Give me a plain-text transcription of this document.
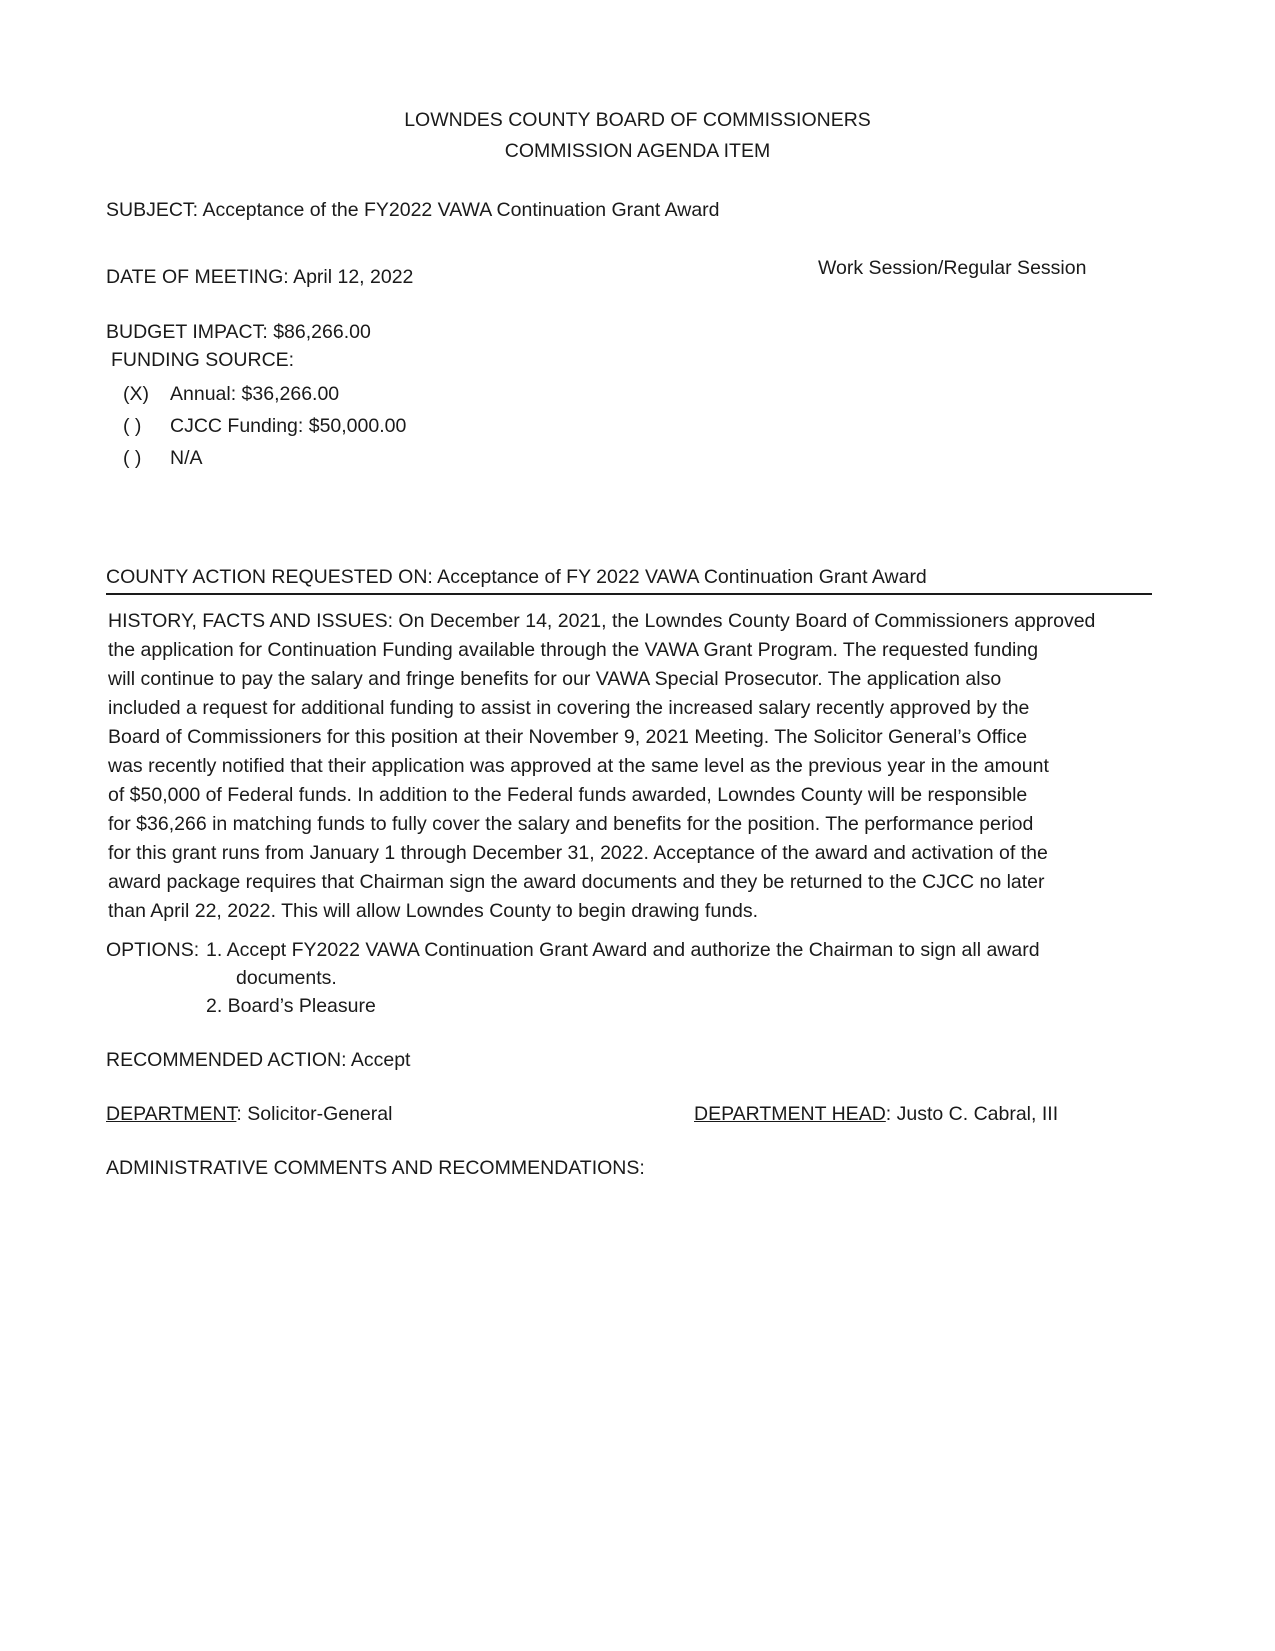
LOWNDES COUNTY BOARD OF COMMISSIONERS
COMMISSION AGENDA ITEM
SUBJECT: Acceptance of the FY2022 VAWA Continuation Grant Award
DATE OF MEETING: April 12, 2022	Work Session/Regular Session
BUDGET IMPACT: $86,266.00
FUNDING SOURCE:
(X) Annual: $36,266.00
( ) CJCC Funding: $50,000.00
( ) N/A
COUNTY ACTION REQUESTED ON: Acceptance of FY 2022 VAWA Continuation Grant Award
HISTORY, FACTS AND ISSUES: On December 14, 2021, the Lowndes County Board of Commissioners approved
the application for Continuation Funding available through the VAWA Grant Program. The requested funding
will continue to pay the salary and fringe benefits for our VAWA Special Prosecutor. The application also
included a request for additional funding to assist in covering the increased salary recently approved by the
Board of Commissioners for this position at their November 9, 2021 Meeting. The Solicitor General’s Office
was recently notified that their application was approved at the same level as the previous year in the amount
of $50,000 of Federal funds. In addition to the Federal funds awarded, Lowndes County will be responsible
for $36,266 in matching funds to fully cover the salary and benefits for the position. The performance period
for this grant runs from January 1 through December 31, 2022. Acceptance of the award and activation of the
award package requires that Chairman sign the award documents and they be returned to the CJCC no later
than April 22, 2022. This will allow Lowndes County to begin drawing funds.
OPTIONS: 1. Accept FY2022 VAWA Continuation Grant Award and authorize the Chairman to sign all award
documents.
2. Board’s Pleasure
RECOMMENDED ACTION: Accept
DEPARTMENT: Solicitor-General	DEPARTMENT HEAD: Justo C. Cabral, III
ADMINISTRATIVE COMMENTS AND RECOMMENDATIONS:
